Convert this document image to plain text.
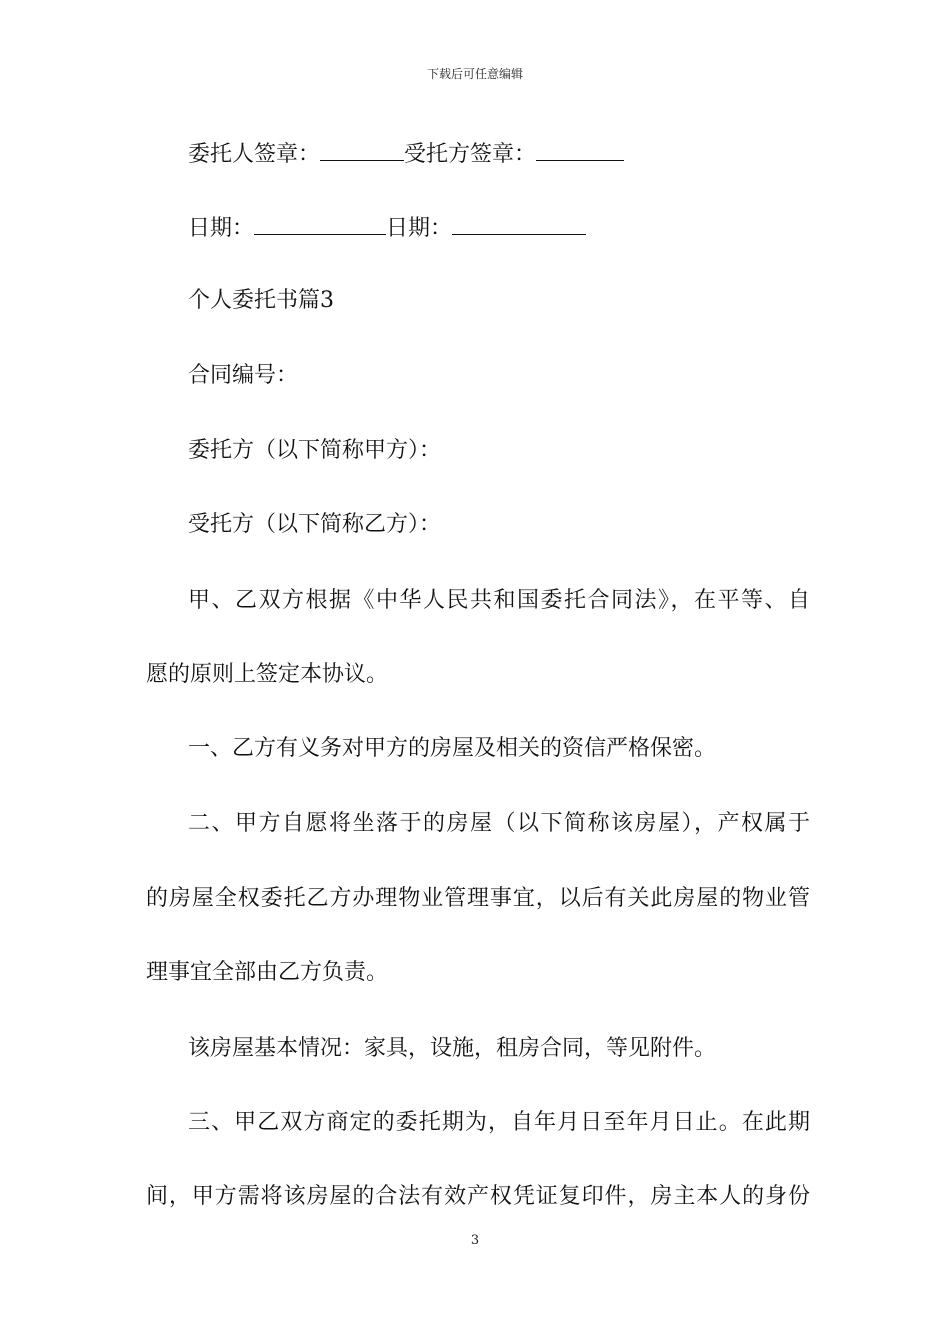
下载后可任意编辑
委托人签章：	受托方签章：
日期：	日期：
个人委托书篇3
合同编号：
委托方（以下简称甲方）：
受托方（以下简称乙方）：
甲、乙双方根据《中华人民共和国委托合同法》，在平等、自
愿的原则上签定本协议。
一、乙方有义务对甲方的房屋及相关的资信严格保密。
二、甲方自愿将坐落于的房屋（以下简称该房屋），产权属于
的房屋全权委托乙方办理物业管理事宜，以后有关此房屋的物业管
理事宜全部由乙方负责。
该房屋基本情况：家具，设施，租房合同，等见附件。
三、甲乙双方商定的委托期为，自年月日至年月日止。在此期
间，甲方需将该房屋的合法有效产权凭证复印件，房主本人的身份
3
